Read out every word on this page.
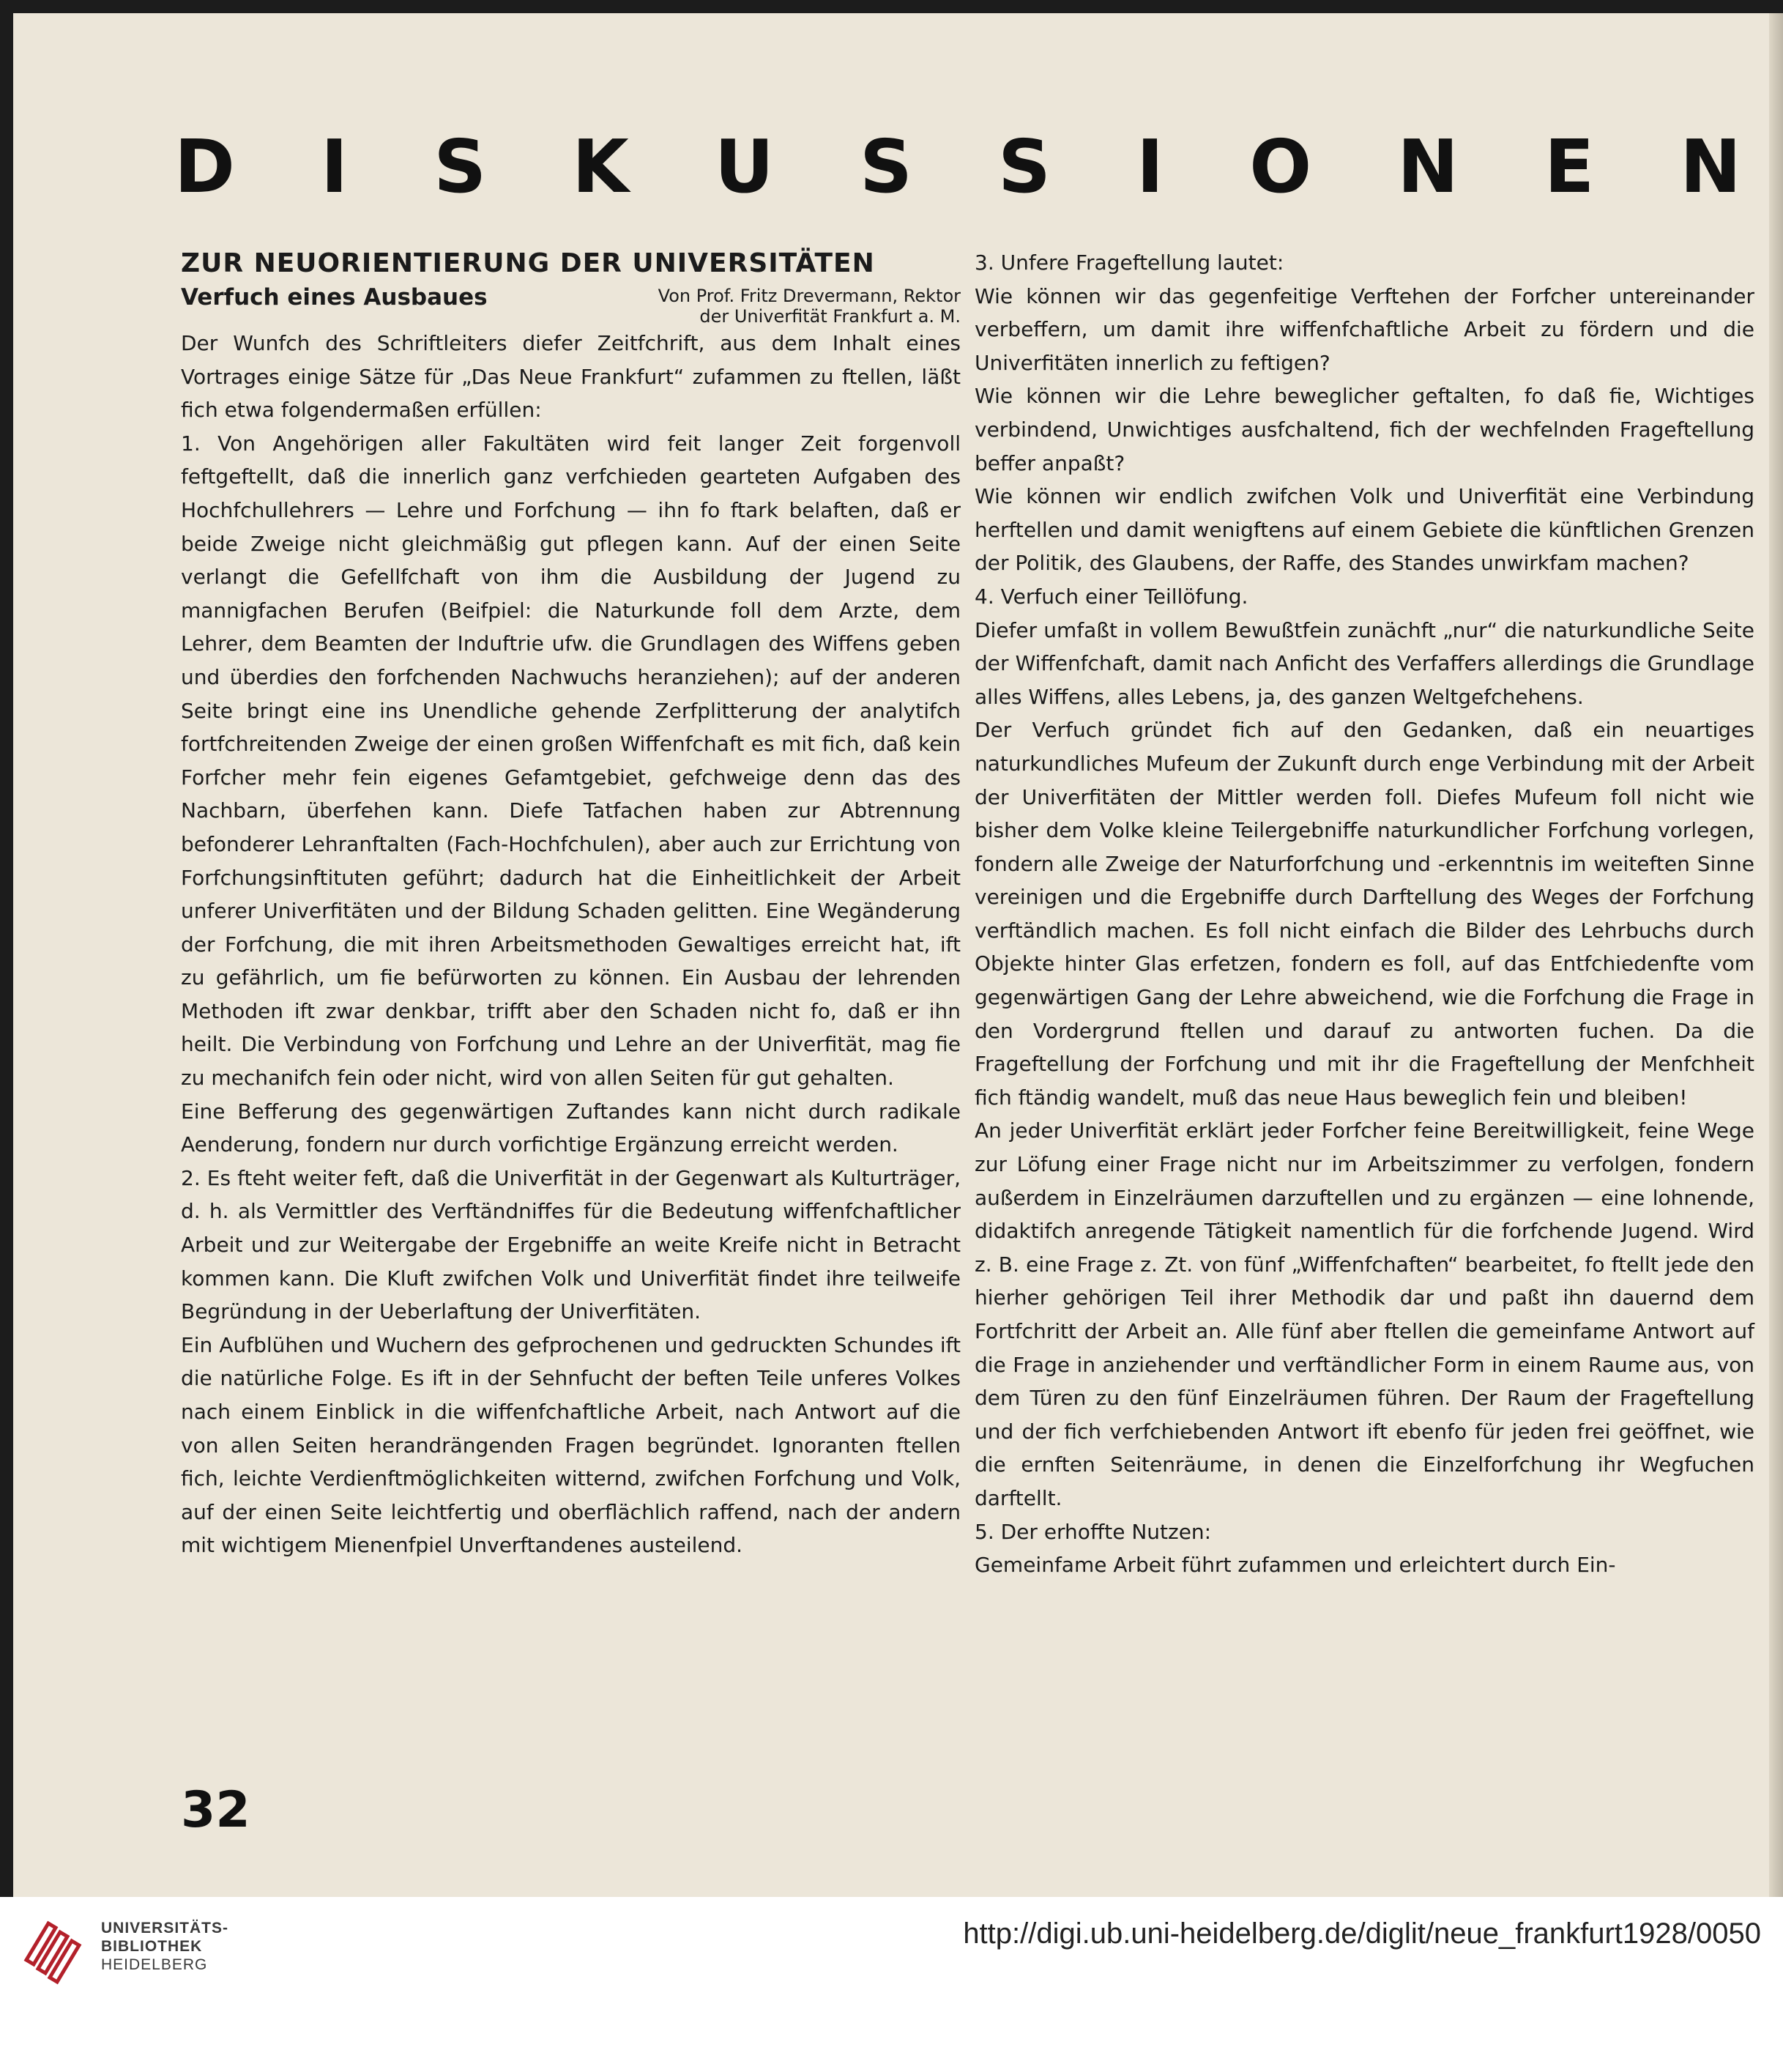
D I S K U S S I O N E N
ZUR NEUORIENTIERUNG DER UNIVERSITÄTEN
Verfuch eines Ausbaues	Von Prof. Fritz Drevermann, Rektor
der Univerfität Frankfurt a. M.

Der Wunfch des Schriftleiters diefer Zeitfchrift, aus dem Inhalt eines Vortrages einige Sätze für „Das Neue Frankfurt“ zufammen zu ftellen, läßt fich etwa folgendermaßen erfüllen:

1. Von Angehörigen aller Fakultäten wird feit langer Zeit forgenvoll feftgeftellt, daß die innerlich ganz verfchieden gearteten Aufgaben des Hochfchullehrers — Lehre und Forfchung — ihn fo ftark belaften, daß er beide Zweige nicht gleichmäßig gut pflegen kann. Auf der einen Seite verlangt die Gefellfchaft von ihm die Ausbildung der Jugend zu mannigfachen Berufen (Beifpiel: die Naturkunde foll dem Arzte, dem Lehrer, dem Beamten der Induftrie ufw. die Grundlagen des Wiffens geben und überdies den forfchenden Nachwuchs heranziehen); auf der anderen Seite bringt eine ins Unendliche gehende Zerfplitterung der analytifch fortfchreitenden Zweige der einen großen Wiffenfchaft es mit fich, daß kein Forfcher mehr fein eigenes Gefamtgebiet, gefchweige denn das des Nachbarn, überfehen kann. Diefe Tatfachen haben zur Abtrennung befonderer Lehranftalten (Fach-Hochfchulen), aber auch zur Errichtung von Forfchungsinftituten geführt; dadurch hat die Einheitlichkeit der Arbeit unferer Univerfitäten und der Bildung Schaden gelitten. Eine Wegänderung der Forfchung, die mit ihren Arbeitsmethoden Gewaltiges erreicht hat, ift zu gefährlich, um fie befürworten zu können. Ein Ausbau der lehrenden Methoden ift zwar denkbar, trifft aber den Schaden nicht fo, daß er ihn heilt. Die Verbindung von Forfchung und Lehre an der Univerfität, mag fie zu mechanifch fein oder nicht, wird von allen Seiten für gut gehalten.

Eine Befferung des gegenwärtigen Zuftandes kann nicht durch radikale Aenderung, fondern nur durch vorfichtige Ergänzung erreicht werden.

2. Es fteht weiter feft, daß die Univerfität in der Gegenwart als Kulturträger, d. h. als Vermittler des Verftändniffes für die Bedeutung wiffenfchaftlicher Arbeit und zur Weitergabe der Ergebniffe an weite Kreife nicht in Betracht kommen kann. Die Kluft zwifchen Volk und Univerfität findet ihre teilweife Begründung in der Ueberlaftung der Univerfitäten.

Ein Aufblühen und Wuchern des gefprochenen und gedruckten Schundes ift die natürliche Folge. Es ift in der Sehnfucht der beften Teile unferes Volkes nach einem Einblick in die wiffenfchaftliche Arbeit, nach Antwort auf die von allen Seiten herandrängenden Fragen begründet. Ignoranten ftellen fich, leichte Verdienftmöglichkeiten witternd, zwifchen Forfchung und Volk, auf der einen Seite leichtfertig und oberflächlich raffend, nach der andern mit wichtigem Mienenfpiel Unverftandenes austeilend.

3. Unfere Frageftellung lautet:

Wie können wir das gegenfeitige Verftehen der Forfcher untereinander verbeffern, um damit ihre wiffenfchaftliche Arbeit zu fördern und die Univerfitäten innerlich zu feftigen?

Wie können wir die Lehre beweglicher geftalten, fo daß fie, Wichtiges verbindend, Unwichtiges ausfchaltend, fich der wechfelnden Frageftellung beffer anpaßt?

Wie können wir endlich zwifchen Volk und Univerfität eine Verbindung herftellen und damit wenigftens auf einem Gebiete die künftlichen Grenzen der Politik, des Glaubens, der Raffe, des Standes unwirkfam machen?

4. Verfuch einer Teillöfung.

Diefer umfaßt in vollem Bewußtfein zunächft „nur“ die naturkundliche Seite der Wiffenfchaft, damit nach Anficht des Verfaffers allerdings die Grundlage alles Wiffens, alles Lebens, ja, des ganzen Weltgefchehens.

Der Verfuch gründet fich auf den Gedanken, daß ein neuartiges naturkundliches Mufeum der Zukunft durch enge Verbindung mit der Arbeit der Univerfitäten der Mittler werden foll. Diefes Mufeum foll nicht wie bisher dem Volke kleine Teilergebniffe naturkundlicher Forfchung vorlegen, fondern alle Zweige der Naturforfchung und -erkenntnis im weiteften Sinne vereinigen und die Ergebniffe durch Darftellung des Weges der Forfchung verftändlich machen. Es foll nicht einfach die Bilder des Lehrbuchs durch Objekte hinter Glas erfetzen, fondern es foll, auf das Entfchiedenfte vom gegenwärtigen Gang der Lehre abweichend, wie die Forfchung die Frage in den Vordergrund ftellen und darauf zu antworten fuchen. Da die Frageftellung der Forfchung und mit ihr die Frageftellung der Menfchheit fich ftändig wandelt, muß das neue Haus beweglich fein und bleiben!

An jeder Univerfität erklärt jeder Forfcher feine Bereitwilligkeit, feine Wege zur Löfung einer Frage nicht nur im Arbeitszimmer zu verfolgen, fondern außerdem in Einzelräumen darzuftellen und zu ergänzen — eine lohnende, didaktifch anregende Tätigkeit namentlich für die forfchende Jugend. Wird z. B. eine Frage z. Zt. von fünf „Wiffenfchaften“ bearbeitet, fo ftellt jede den hierher gehörigen Teil ihrer Methodik dar und paßt ihn dauernd dem Fortfchritt der Arbeit an. Alle fünf aber ftellen die gemeinfame Antwort auf die Frage in anziehender und verftändlicher Form in einem Raume aus, von dem Türen zu den fünf Einzelräumen führen. Der Raum der Frageftellung und der fich verfchiebenden Antwort ift ebenfo für jeden frei geöffnet, wie die ernften Seitenräume, in denen die Einzelforfchung ihr Wegfuchen darftellt.

5. Der erhoffte Nutzen:

Gemeinfame Arbeit führt zufammen und erleichtert durch Ein-

32
UNIVERSITÄTS-
BIBLIOTHEK
HEIDELBERG
http://digi.ub.uni-heidelberg.de/diglit/neue_frankfurt1928/0050
